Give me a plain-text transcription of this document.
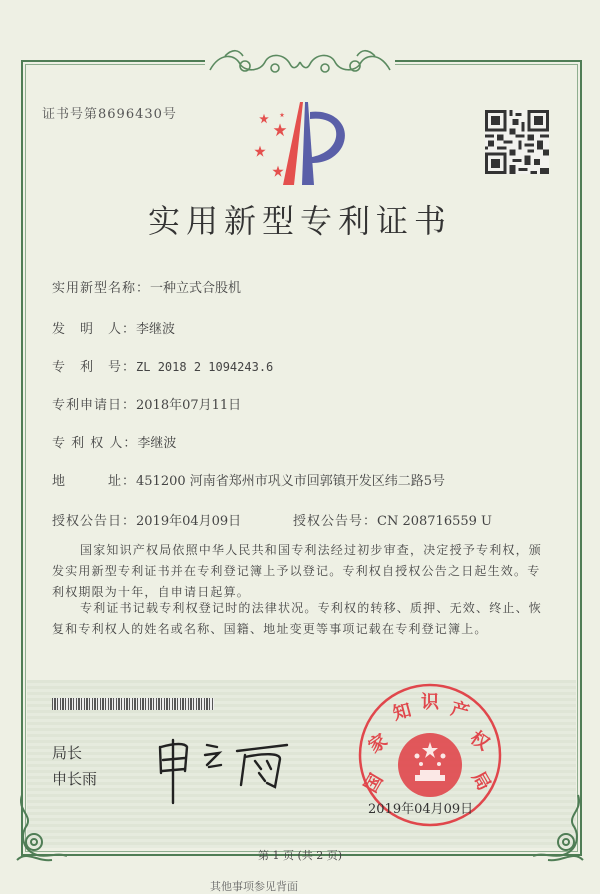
证书号第8696430号
实用新型专利证书
实用新型名称：一种立式合股机
发　明　人：李继波
专　利　号：ZL 2018 2 1094243.6
专利申请日：2018年07月11日
专 利 权 人：李继波
地　　　址：451200 河南省郑州市巩义市回郭镇开发区纬二路5号
授权公告日：2019年04月09日	授权公告号：CN 208716559 U
国家知识产权局依照中华人民共和国专利法经过初步审查，决定授予专利权，颁发实用新型专利证书并在专利登记簿上予以登记。专利权自授权公告之日起生效。专利权期限为十年，自申请日起算。
专利证书记载专利权登记时的法律状况。专利权的转移、质押、无效、终止、恢复和专利权人的姓名或名称、国籍、地址变更等事项记载在专利登记簿上。
局长
申长雨	国
家
知 识 产
权
局
2019年04月09日
第 1 页 (共 2 页)
其他事项参见背面
